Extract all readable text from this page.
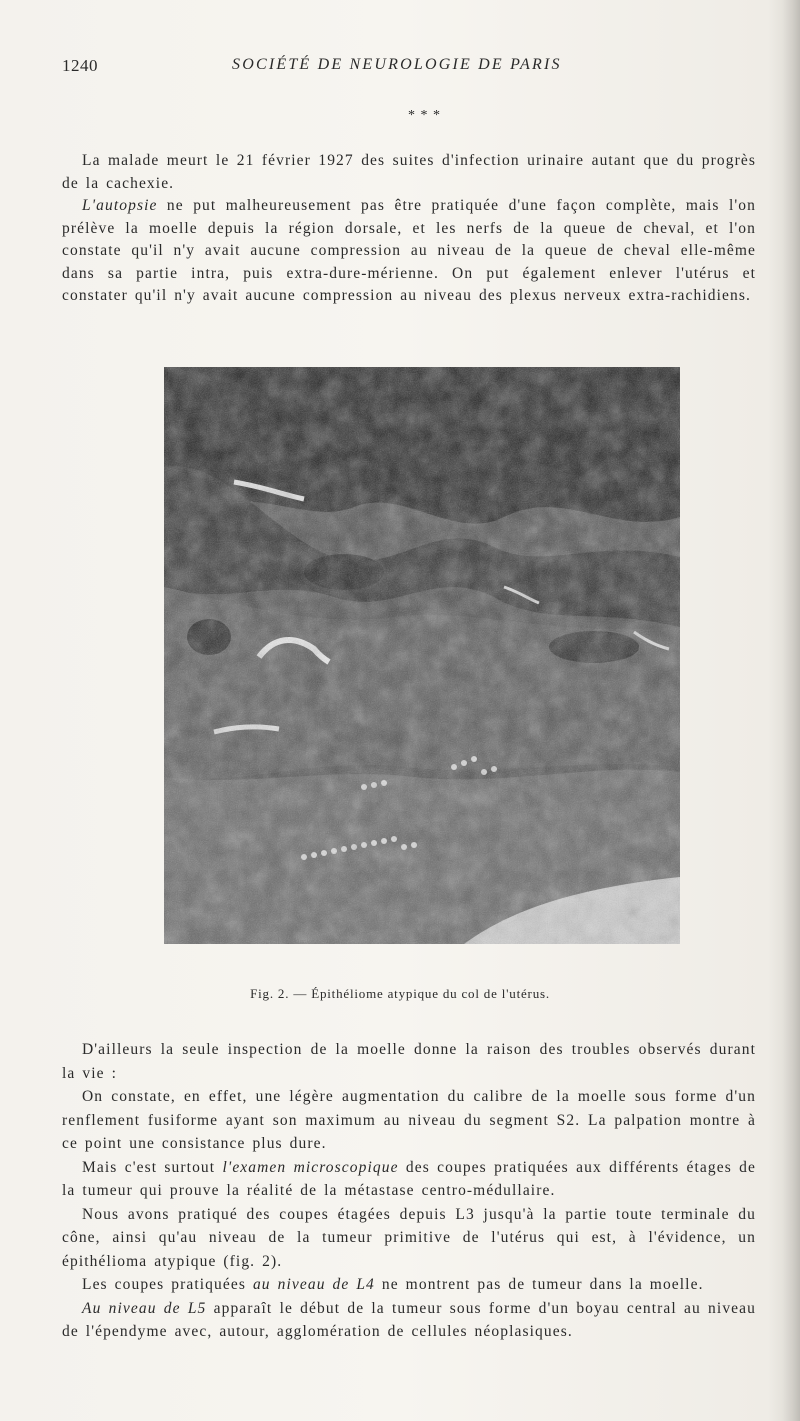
1240	SOCIÉTÉ DE NEUROLOGIE DE PARIS
* * *

La malade meurt le 21 février 1927 des suites d'infection urinaire autant que du progrès de la cachexie.

L'autopsie ne put malheureusement pas être pratiquée d'une façon complète, mais l'on prélève la moelle depuis la région dorsale, et les nerfs de la queue de cheval, et l'on constate qu'il n'y avait aucune compression au niveau de la queue de cheval elle-même dans sa partie intra, puis extra-dure-mérienne. On put également enlever l'utérus et constater qu'il n'y avait aucune compression au niveau des plexus nerveux extra-rachidiens.

Fig. 2. — Épithéliome atypique du col de l'utérus.

D'ailleurs la seule inspection de la moelle donne la raison des troubles observés durant la vie :

On constate, en effet, une légère augmentation du calibre de la moelle sous forme d'un renflement fusiforme ayant son maximum au niveau du segment S2. La palpation montre à ce point une consistance plus dure.

Mais c'est surtout l'examen microscopique des coupes pratiquées aux différents étages de la tumeur qui prouve la réalité de la métastase centro-médullaire.

Nous avons pratiqué des coupes étagées depuis L3 jusqu'à la partie toute terminale du cône, ainsi qu'au niveau de la tumeur primitive de l'utérus qui est, à l'évidence, un épithélioma atypique (fig. 2).

Les coupes pratiquées au niveau de L4 ne montrent pas de tumeur dans la moelle.

Au niveau de L5 apparaît le début de la tumeur sous forme d'un boyau central au niveau de l'épendyme avec, autour, agglomération de cellules néoplasiques.
